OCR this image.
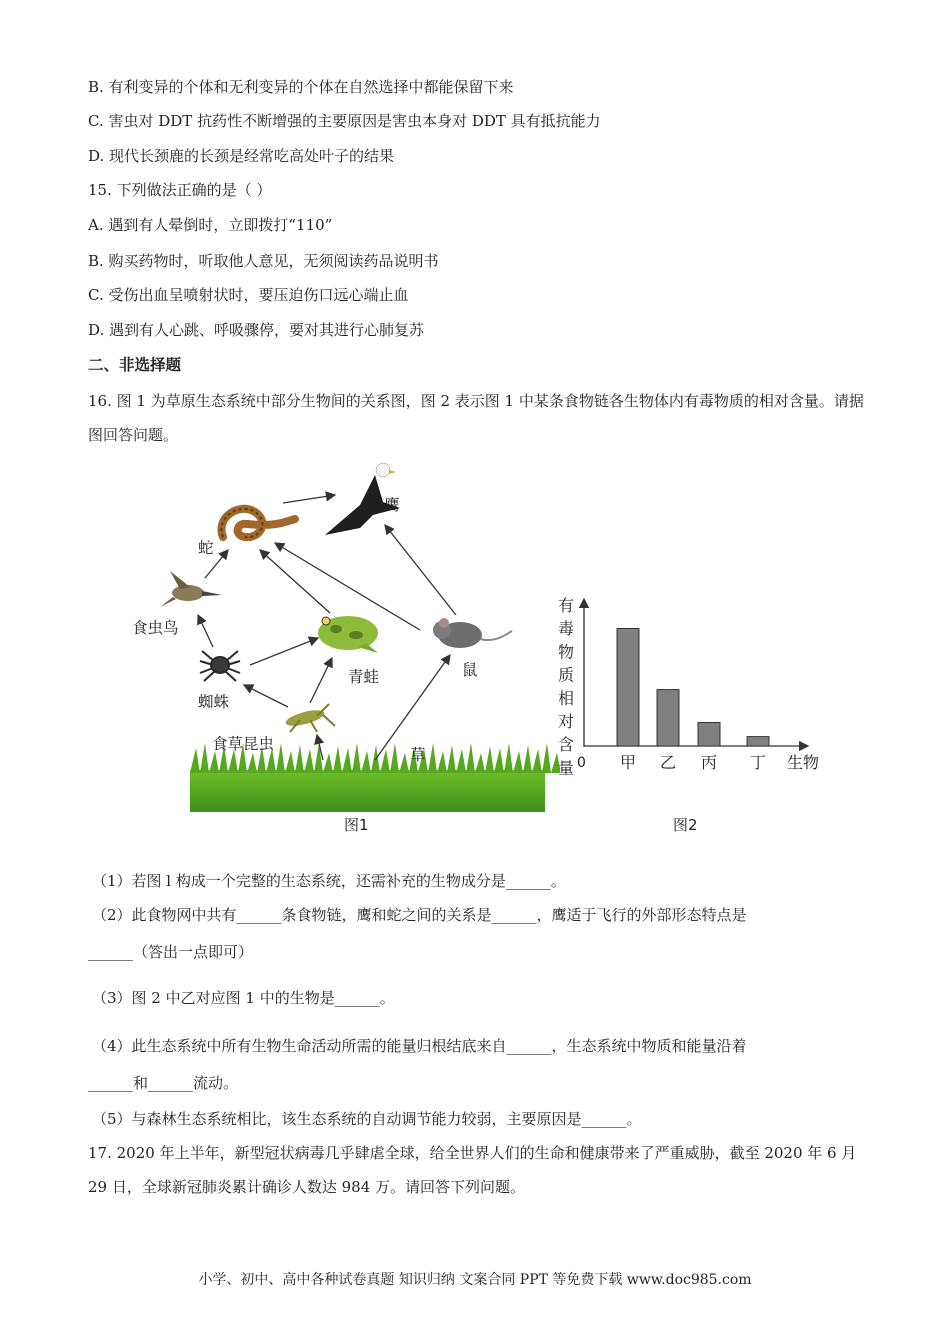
B. 有利变异的个体和无利变异的个体在自然选择中都能保留下来
C. 害虫对 DDT 抗药性不断增强的主要原因是害虫本身对 DDT 具有抵抗能力
D. 现代长颈鹿的长颈是经常吃高处叶子的结果
15. 下列做法正确的是（ ）
A. 遇到有人晕倒时，立即拨打“110”
B. 购买药物时，听取他人意见，无须阅读药品说明书
C. 受伤出血呈喷射状时，要压迫伤口远心端止血
D. 遇到有人心跳、呼吸骤停，要对其进行心肺复苏
二、非选择题
16. 图 1 为草原生态系统中部分生物间的关系图，图 2 表示图 1 中某条食物链各生物体内有毒物质的相对含量。请据图回答问题。
鹰
蛇
食虫鸟
蜘蛛
青蛙	鼠
食草昆虫
草
图1
有
毒
物
质
相
对
含
量 0	生物
甲 乙 丙 丁
图2
（1）若图 l 构成一个完整的生态系统，还需补充的生物成分是______。
（2）此食物网中共有______条食物链，鹰和蛇之间的关系是______，鹰适于飞行的外部形态特点是
______（答出一点即可）
（3）图 2 中乙对应图 1 中的生物是______。
（4）此生态系统中所有生物生命活动所需的能量归根结底来自______，生态系统中物质和能量沿着
______和______流动。
（5）与森林生态系统相比，该生态系统的自动调节能力较弱，主要原因是______。
17. 2020 年上半年，新型冠状病毒几乎肆虐全球，给全世界人们的生命和健康带来了严重威胁，截至 2020 年 6 月 29 日，全球新冠肺炎累计确诊人数达 984 万。请回答下列问题。
小学、初中、高中各种试卷真题 知识归纳 文案合同 PPT 等免费下载 www.doc985.com
